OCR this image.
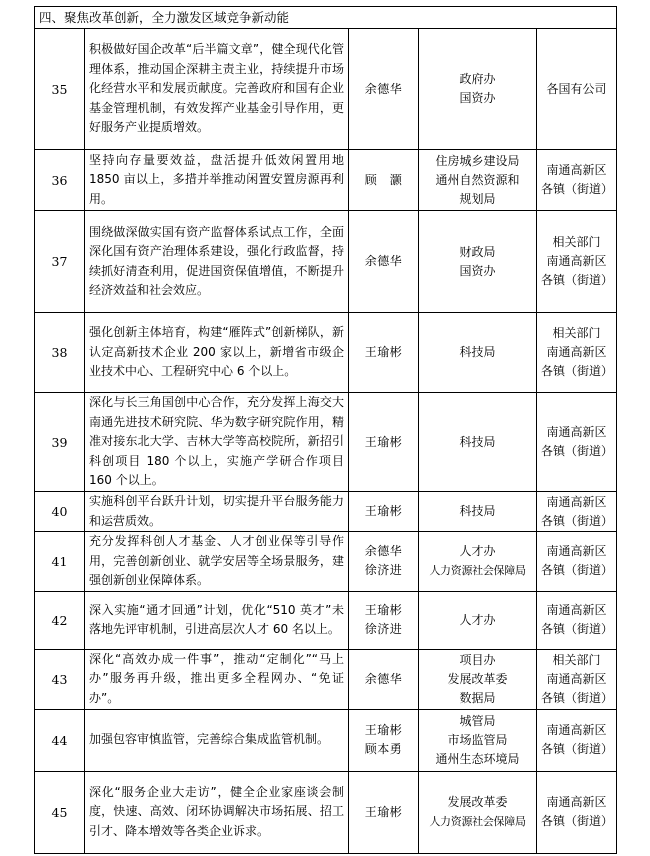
四、聚焦改革创新，全力激发区域竞争新动能				
35	积极做好国企改革“后半篇文章”，健全现代化管理体系，推动国企深耕主责主业，持续提升市场化经营水平和发展贡献度。完善政府和国有企业基金管理机制，有效发挥产业基金引导作用，更好服务产业提质增效。	余德华	政府办
国资办	各国有公司

36	坚持向存量要效益，盘活提升低效闲置用地 1850 亩以上，多措并举推动闲置安置房源再利用。	顾　灏	住房城乡建设局
通州自然资源和
规划局	南通高新区
各镇（街道）

37	围绕做深做实国有资产监督体系试点工作，全面深化国有资产治理体系建设，强化行政监督，持续抓好清查利用，促进国资保值增值，不断提升经济效益和社会效应。	余德华	财政局
国资办	相关部门
南通高新区
各镇（街道）

38	强化创新主体培育，构建“雁阵式”创新梯队，新认定高新技术企业 200 家以上，新增省市级企业技术中心、工程研究中心 6 个以上。	王瑜彬	科技局	相关部门
南通高新区
各镇（街道）

39	深化与长三角国创中心合作，充分发挥上海交大南通先进技术研究院、华为数字研究院作用，精准对接东北大学、吉林大学等高校院所，新招引科创项目 180 个以上，实施产学研合作项目 160 个以上。	王瑜彬	科技局	南通高新区
各镇（街道）

40	实施科创平台跃升计划，切实提升平台服务能力和运营质效。	王瑜彬	科技局	南通高新区
各镇（街道）

41	充分发挥科创人才基金、人才创业保等引导作用，完善创新创业、就学安居等全场景服务，建强创新创业保障体系。	余德华
徐济进	人才办
人力资源社会保障局	南通高新区
各镇（街道）

42	深入实施“通才回通”计划，优化“510 英才”未落地先评审机制，引进高层次人才 60 名以上。	王瑜彬
徐济进	人才办	南通高新区
各镇（街道）

43	深化“高效办成一件事”，推动“定制化”“马上办”服务再升级，推出更多全程网办、“免证办”。	余德华	项目办
发展改革委
数据局	相关部门
南通高新区
各镇（街道）

44	加强包容审慎监管，完善综合集成监管机制。	王瑜彬
顾本勇	城管局
市场监管局
通州生态环境局	南通高新区
各镇（街道）

45	深化“服务企业大走访”，健全企业家座谈会制度，快速、高效、闭环协调解决市场拓展、招工引才、降本增效等各类企业诉求。	王瑜彬	发展改革委
人力资源社会保障局	南通高新区
各镇（街道）
